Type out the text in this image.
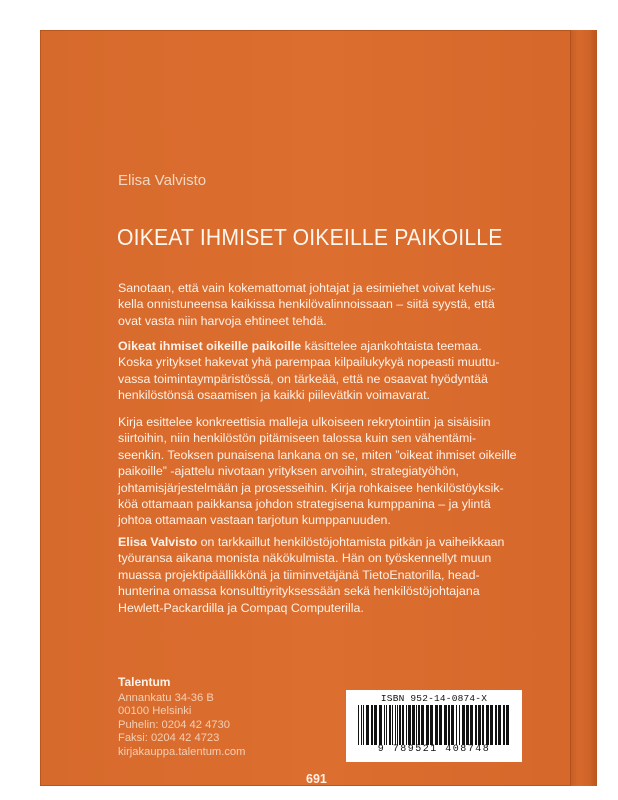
Elisa Valvisto
OIKEAT IHMISET OIKEILLE PAIKOILLE

Sanotaan, että vain kokemattomat johtajat ja esimiehet voivat kehus-kella onnistuneensa kaikissa henkilövalinnoissaan – siitä syystä, että ovat vasta niin harvoja ehtineet tehdä.

Oikeat ihmiset oikeille paikoille käsittelee ajankohtaista teemaa. Koska yritykset hakevat yhä parempaa kilpailukykyä nopeasti muuttu-vassa toimintaympäristössä, on tärkeää, että ne osaavat hyödyntää henkilöstönsä osaamisen ja kaikki piilevätkin voimavarat.

Kirja esittelee konkreettisia malleja ulkoiseen rekrytointiin ja sisäisiin siirtoihin, niin henkilöstön pitämiseen talossa kuin sen vähentämi-seenkin. Teoksen punaisena lankana on se, miten ”oikeat ihmiset oikeille paikoille” -ajattelu nivotaan yrityksen arvoihin, strategiatyöhön, johtamisjärjestelmään ja prosesseihin. Kirja rohkaisee henkilöstöyksik-köä ottamaan paikkansa johdon strategisena kumppanina – ja ylintä johtoa ottamaan vastaan tarjotun kumppanuuden.

Elisa Valvisto on tarkkaillut henkilöstöjohtamista pitkän ja vaiheikkaan työuransa aikana monista näkökulmista. Hän on työskennellyt muun muassa projektipäällikkönä ja tiiminvetäjänä TietoEnatorilla, head-hunterina omassa konsulttiyrityksessään sekä henkilöstöjohtajana Hewlett-Packardilla ja Compaq Computerilla.

Talentum
Annankatu 34-36 B
00100 Helsinki
Puhelin: 0204 42 4730
Faksi: 0204 42 4723
kirjakauppa.talentum.com
691
ISBN 952-14-0874-X
9 789521 408748
